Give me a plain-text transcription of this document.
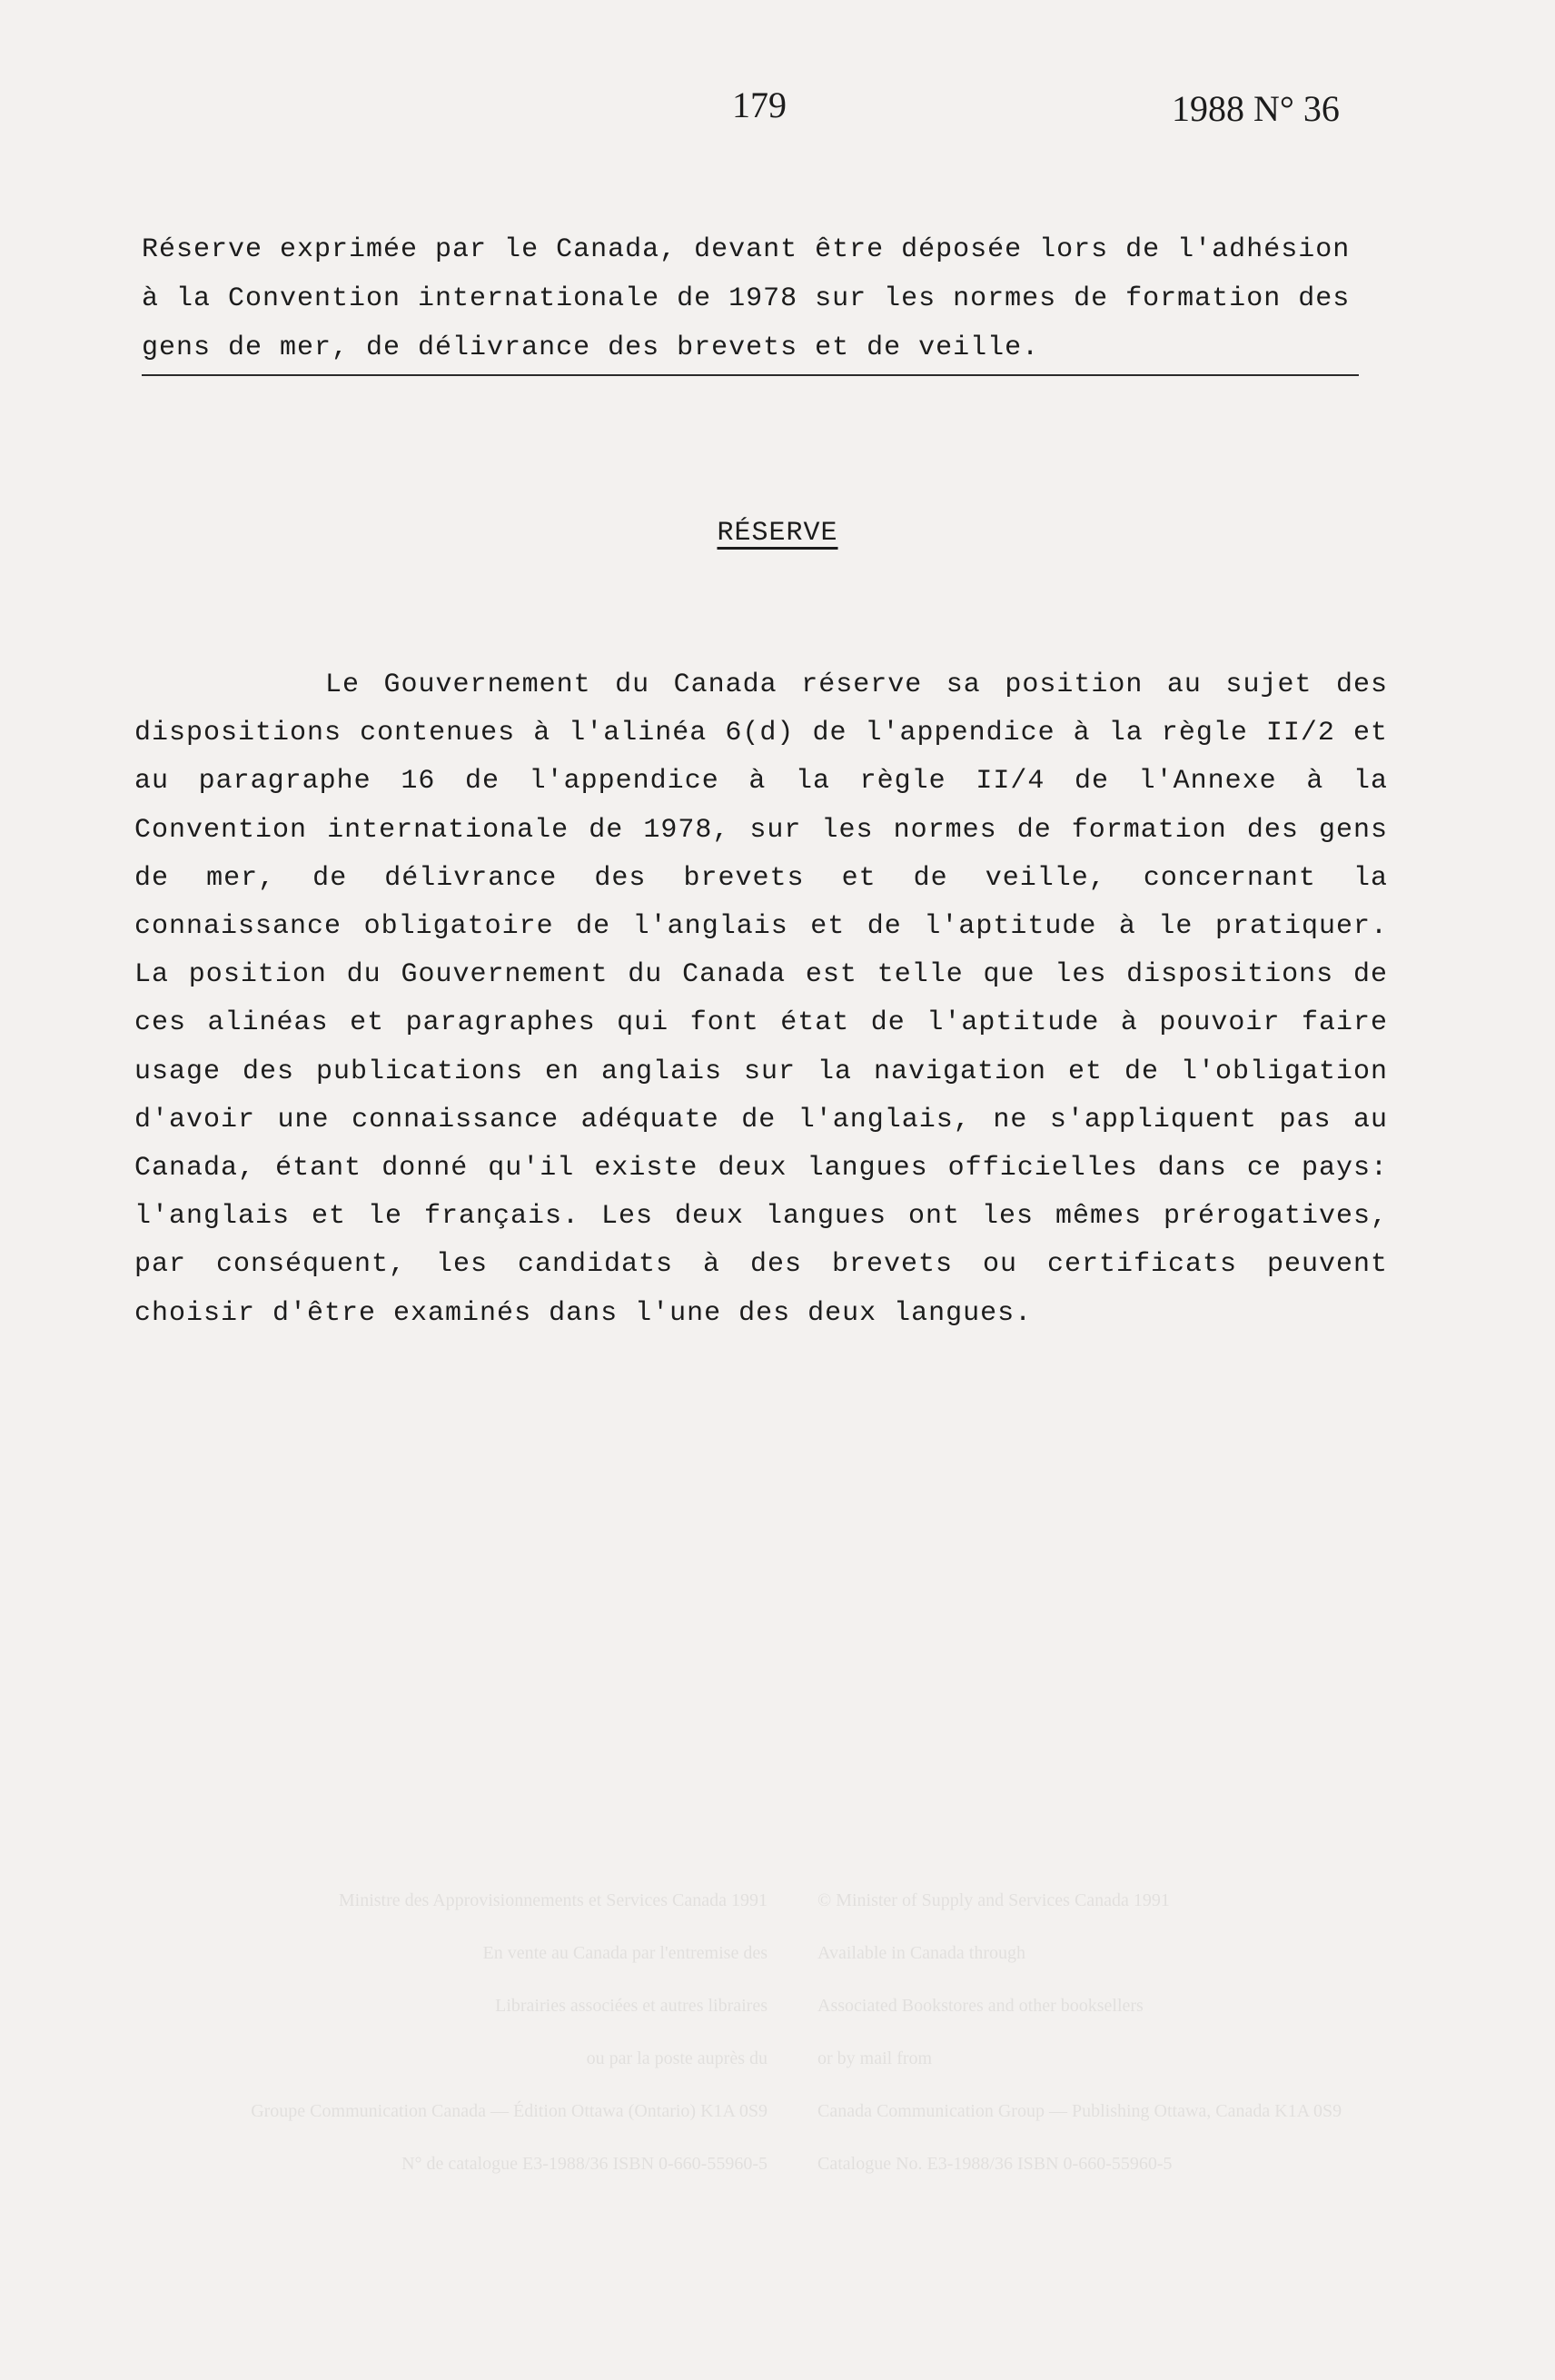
179	1988 N° 36
Réserve exprimée par le Canada, devant être déposée lors de l'adhésion à la Convention internationale de 1978 sur les normes de formation des gens de mer, de délivrance des brevets et de veille.
RÉSERVE
Le Gouvernement du Canada réserve sa position au sujet des dispositions contenues à l'alinéa 6(d) de l'appendice à la règle II/2 et au paragraphe 16 de l'appendice à la règle II/4 de l'Annexe à la Convention internationale de 1978, sur les normes de formation des gens de mer, de délivrance des brevets et de veille, concernant la connaissance obligatoire de l'anglais et de l'aptitude à le pratiquer. La position du Gouvernement du Canada est telle que les dispositions de ces alinéas et paragraphes qui font état de l'aptitude à pouvoir faire usage des publications en anglais sur la navigation et de l'obligation d'avoir une connaissance adéquate de l'anglais, ne s'appliquent pas au Canada, étant donné qu'il existe deux langues officielles dans ce pays: l'anglais et le français. Les deux langues ont les mêmes prérogatives, par conséquent, les candidats à des brevets ou certificats peuvent choisir d'être examinés dans l'une des deux langues.

Ministre des Approvisionnements et Services Canada 1991

En vente au Canada par l'entremise des

Librairies associées et autres libraires

ou par la poste auprès du

Groupe Communication Canada — Édition Ottawa (Ontario) K1A 0S9

N° de catalogue E3-1988/36 ISBN 0-660-55960-5

© Minister of Supply and Services Canada 1991

Available in Canada through

Associated Bookstores and other booksellers

or by mail from

Canada Communication Group — Publishing Ottawa, Canada K1A 0S9

Catalogue No. E3-1988/36 ISBN 0-660-55960-5
